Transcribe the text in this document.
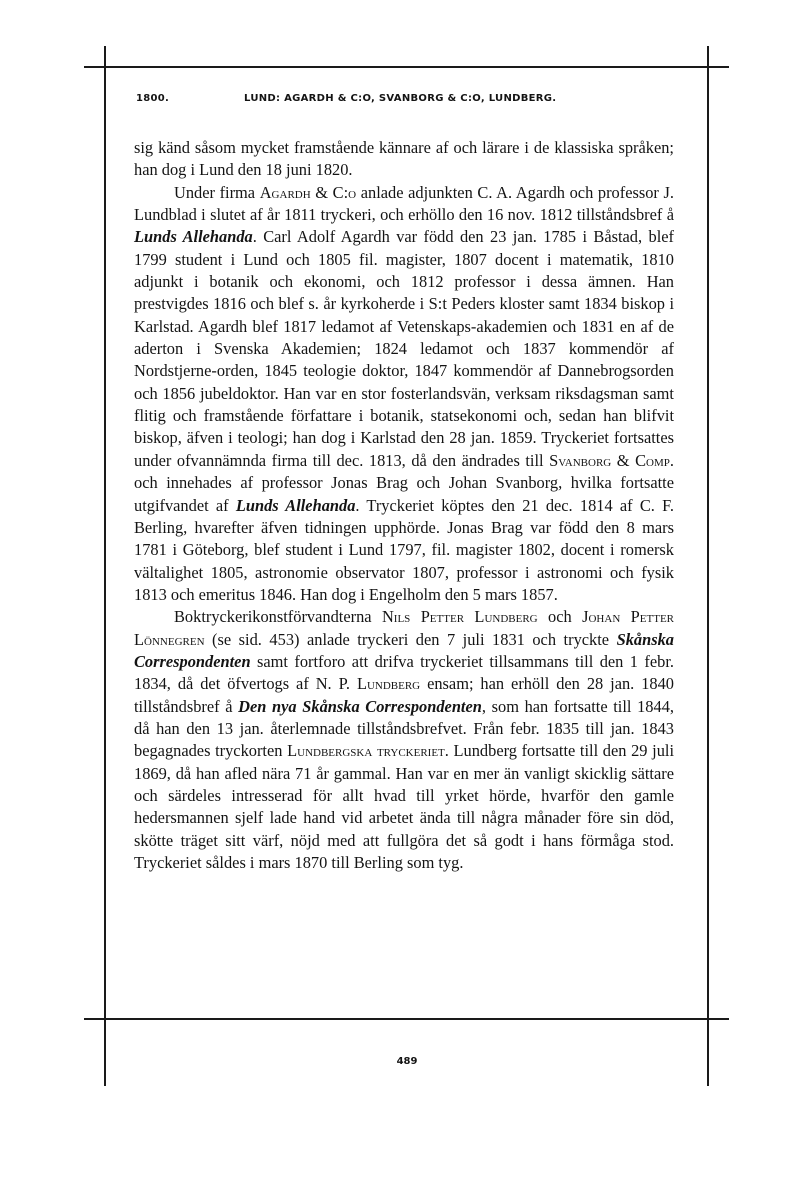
1800.	LUND: AGARDH & C:O, SVANBORG & C:O, LUNDBERG.

sig känd såsom mycket framstående kännare af och lärare i de klassiska språken; han dog i Lund den 18 juni 1820.

Under firma Agardh & C:o anlade adjunkten C. A. Agardh och professor J. Lundblad i slutet af år 1811 tryckeri, och erhöllo den 16 nov. 1812 tillståndsbref å Lunds Allehanda. Carl Adolf Agardh var född den 23 jan. 1785 i Båstad, blef 1799 student i Lund och 1805 fil. magister, 1807 docent i matematik, 1810 adjunkt i botanik och ekonomi, och 1812 professor i dessa ämnen. Han prestvigdes 1816 och blef s. år kyrkoherde i S:t Peders kloster samt 1834 biskop i Karlstad. Agardh blef 1817 ledamot af Vetenskaps-akademien och 1831 en af de aderton i Svenska Akademien; 1824 ledamot och 1837 kommendör af Nordstjerne-orden, 1845 teologie doktor, 1847 kommendör af Dannebrogsorden och 1856 jubeldoktor. Han var en stor fosterlandsvän, verksam riksdagsman samt flitig och framstående författare i botanik, statsekonomi och, sedan han blifvit biskop, äfven i teologi; han dog i Karlstad den 28 jan. 1859. Tryckeriet fortsattes under ofvannämnda firma till dec. 1813, då den ändrades till Svanborg & Comp. och innehades af professor Jonas Brag och Johan Svanborg, hvilka fortsatte utgifvandet af Lunds Allehanda. Tryckeriet köptes den 21 dec. 1814 af C. F. Berling, hvarefter äfven tidningen upphörde. Jonas Brag var född den 8 mars 1781 i Göteborg, blef student i Lund 1797, fil. magister 1802, docent i romersk vältalighet 1805, astronomie observator 1807, professor i astronomi och fysik 1813 och emeritus 1846. Han dog i Engelholm den 5 mars 1857.

Boktryckerikonstförvandterna Nils Petter Lundberg och Johan Petter Lönnegren (se sid. 453) anlade tryckeri den 7 juli 1831 och tryckte Skånska Correspondenten samt fortforo att drifva tryckeriet tillsammans till den 1 febr. 1834, då det öfvertogs af N. P. Lundberg ensam; han erhöll den 28 jan. 1840 tillståndsbref å Den nya Skånska Correspondenten, som han fortsatte till 1844, då han den 13 jan. återlemnade tillståndsbrefvet. Från febr. 1835 till jan. 1843 begagnades tryckorten Lundbergska tryckeriet. Lundberg fortsatte till den 29 juli 1869, då han afled nära 71 år gammal. Han var en mer än vanligt skicklig sättare och särdeles intresserad för allt hvad till yrket hörde, hvarför den gamle hedersmannen sjelf lade hand vid arbetet ända till några månader före sin död, skötte träget sitt värf, nöjd med att fullgöra det så godt i hans förmåga stod. Tryckeriet såldes i mars 1870 till Berling som tyg.

489
